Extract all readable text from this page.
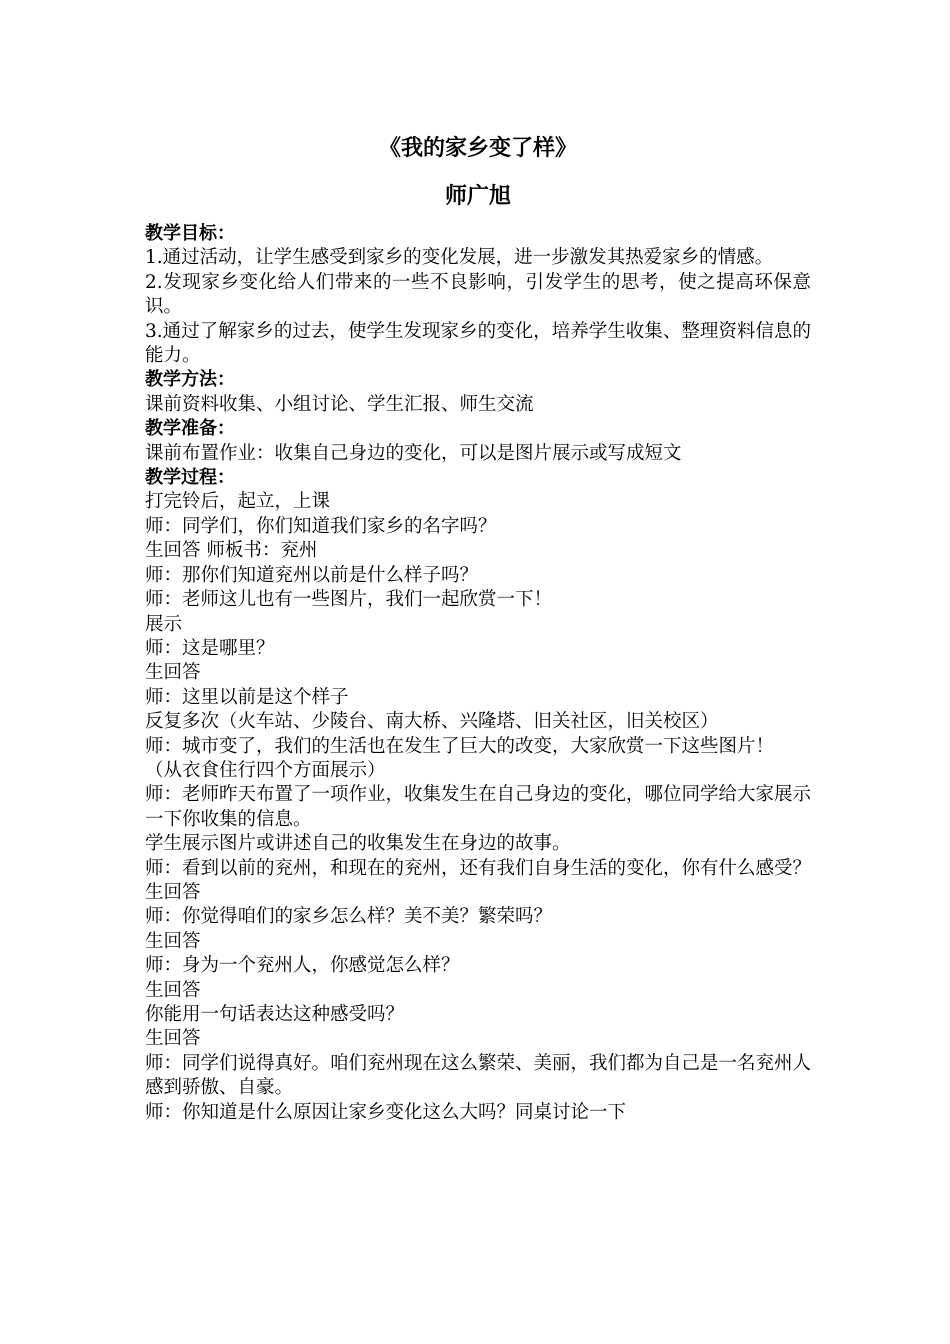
《我的家乡变了样》
师广旭
教学目标：

1.通过活动，让学生感受到家乡的变化发展，进一步激发其热爱家乡的情感。

2.发现家乡变化给人们带来的一些不良影响，引发学生的思考，使之提高环保意识。

3.通过了解家乡的过去，使学生发现家乡的变化，培养学生收集、整理资料信息的能力。

教学方法：

课前资料收集、小组讨论、学生汇报、师生交流

教学准备：

课前布置作业：收集自己身边的变化，可以是图片展示或写成短文

教学过程：

打完铃后，起立，上课

师：同学们，你们知道我们家乡的名字吗？

生回答 师板书：兖州

师：那你们知道兖州以前是什么样子吗？

师：老师这儿也有一些图片，我们一起欣赏一下！

展示

师：这是哪里？

生回答

师：这里以前是这个样子

反复多次（火车站、少陵台、南大桥、兴隆塔、旧关社区，旧关校区）

师：城市变了，我们的生活也在发生了巨大的改变，大家欣赏一下这些图片！

（从衣食住行四个方面展示）

师：老师昨天布置了一项作业，收集发生在自己身边的变化，哪位同学给大家展示一下你收集的信息。

学生展示图片或讲述自己的收集发生在身边的故事。

师：看到以前的兖州，和现在的兖州，还有我们自身生活的变化，你有什么感受？

生回答

师：你觉得咱们的家乡怎么样？美不美？繁荣吗？

生回答

师：身为一个兖州人，你感觉怎么样？

生回答

你能用一句话表达这种感受吗？

生回答

师：同学们说得真好。咱们兖州现在这么繁荣、美丽，我们都为自己是一名兖州人感到骄傲、自豪。

师：你知道是什么原因让家乡变化这么大吗？同桌讨论一下
